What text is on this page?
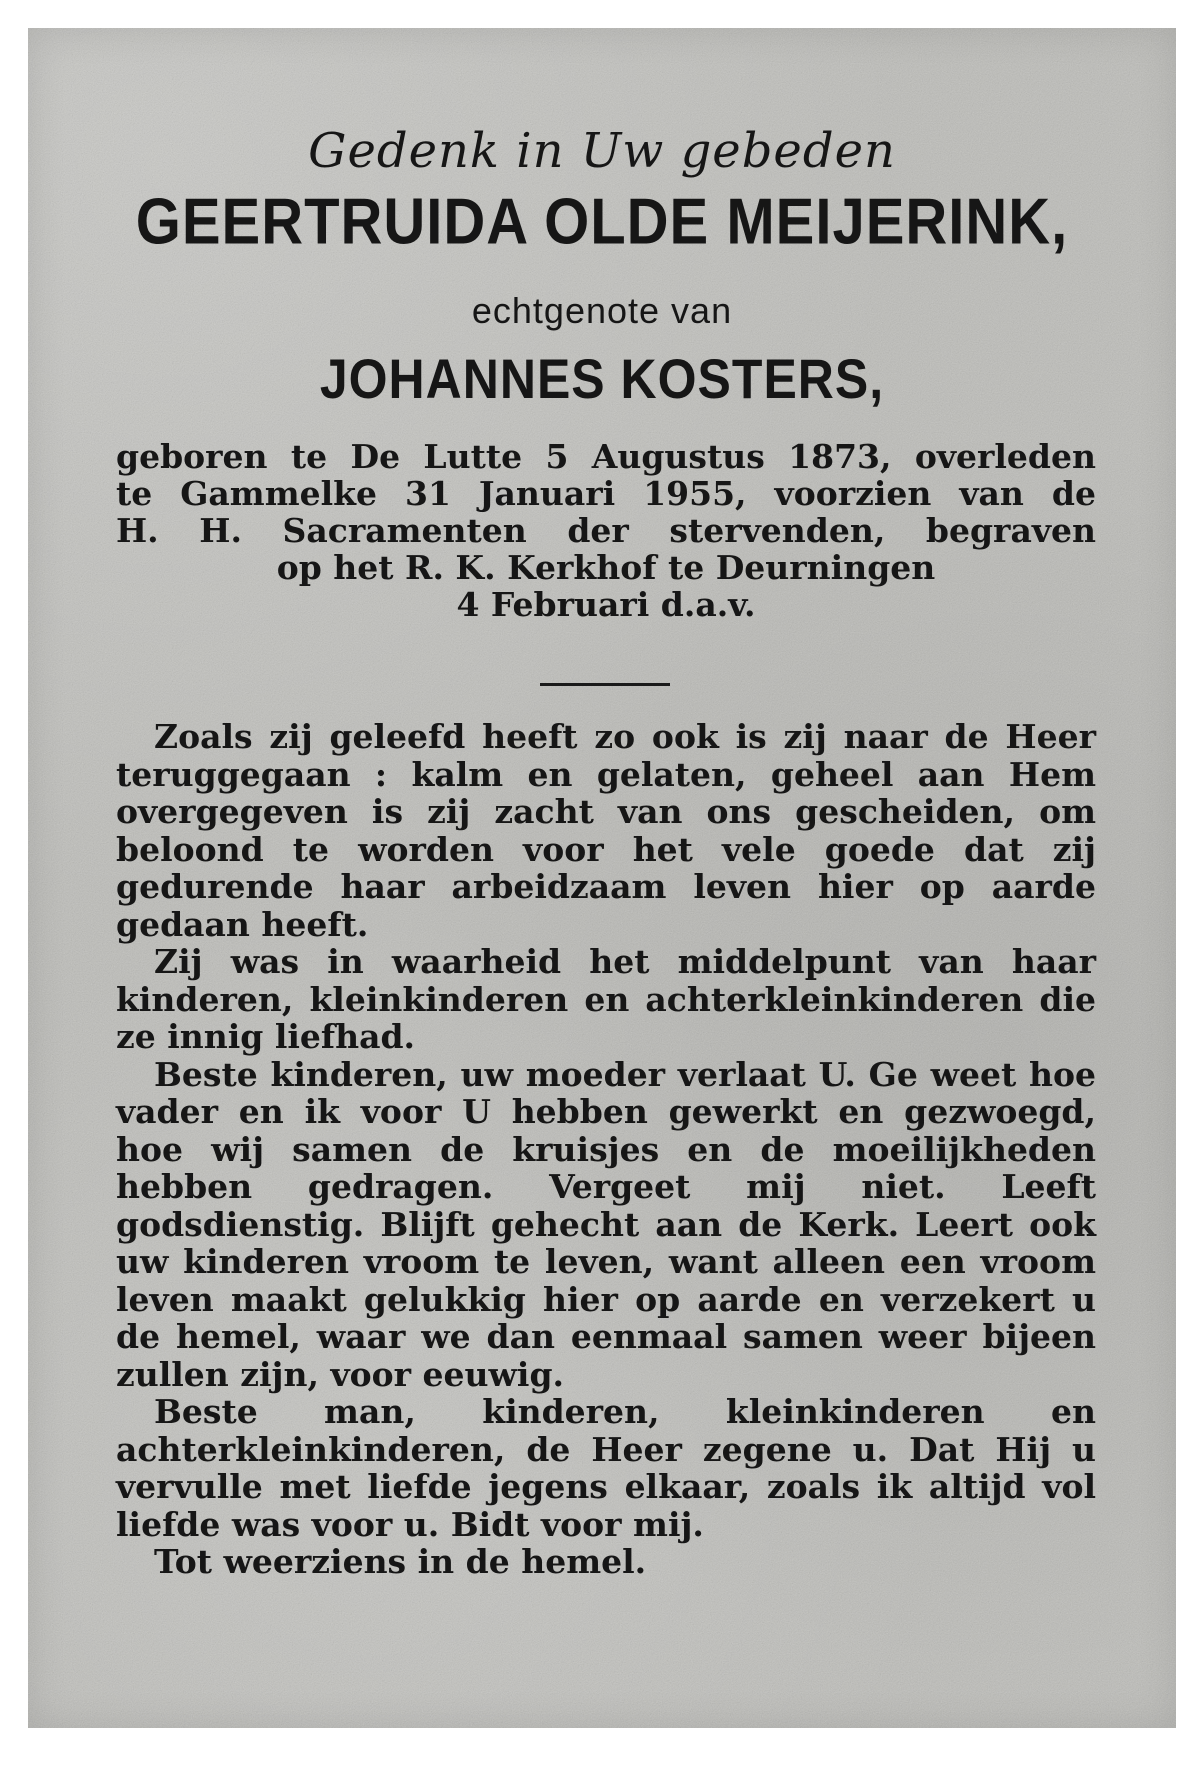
Gedenk in Uw gebeden
GEERTRUIDA OLDE MEIJERINK,
echtgenote van
JOHANNES KOSTERS,
geboren te De Lutte 5 Augustus 1873, overleden
te Gammelke 31 Januari 1955, voorzien van de
H. H. Sacramenten der stervenden, begraven
op het R. K. Kerkhof te Deurningen
4 Februari d.a.v.

Zoals zij geleefd heeft zo ook is zij naar de Heer teruggegaan : kalm en gelaten, geheel aan Hem overgegeven is zij zacht van ons gescheiden, om beloond te worden voor het vele goede dat zij gedurende haar arbeidzaam leven hier op aarde gedaan heeft.

Zij was in waarheid het middelpunt van haar kinderen, kleinkinderen en achterkleinkinderen die ze innig liefhad.

Beste kinderen, uw moeder verlaat U. Ge weet hoe vader en ik voor U hebben gewerkt en gezwoegd, hoe wij samen de kruisjes en de moeilijkheden hebben gedragen. Vergeet mij niet. Leeft godsdienstig. Blijft gehecht aan de Kerk. Leert ook uw kinderen vroom te leven, want alleen een vroom leven maakt gelukkig hier op aarde en verzekert u de hemel, waar we dan eenmaal samen weer bijeen zullen zijn, voor eeuwig.

Beste man, kinderen, kleinkinderen en achterkleinkinderen, de Heer zegene u. Dat Hij u vervulle met liefde jegens elkaar, zoals ik altijd vol liefde was voor u. Bidt voor mij.

Tot weerziens in de hemel.
